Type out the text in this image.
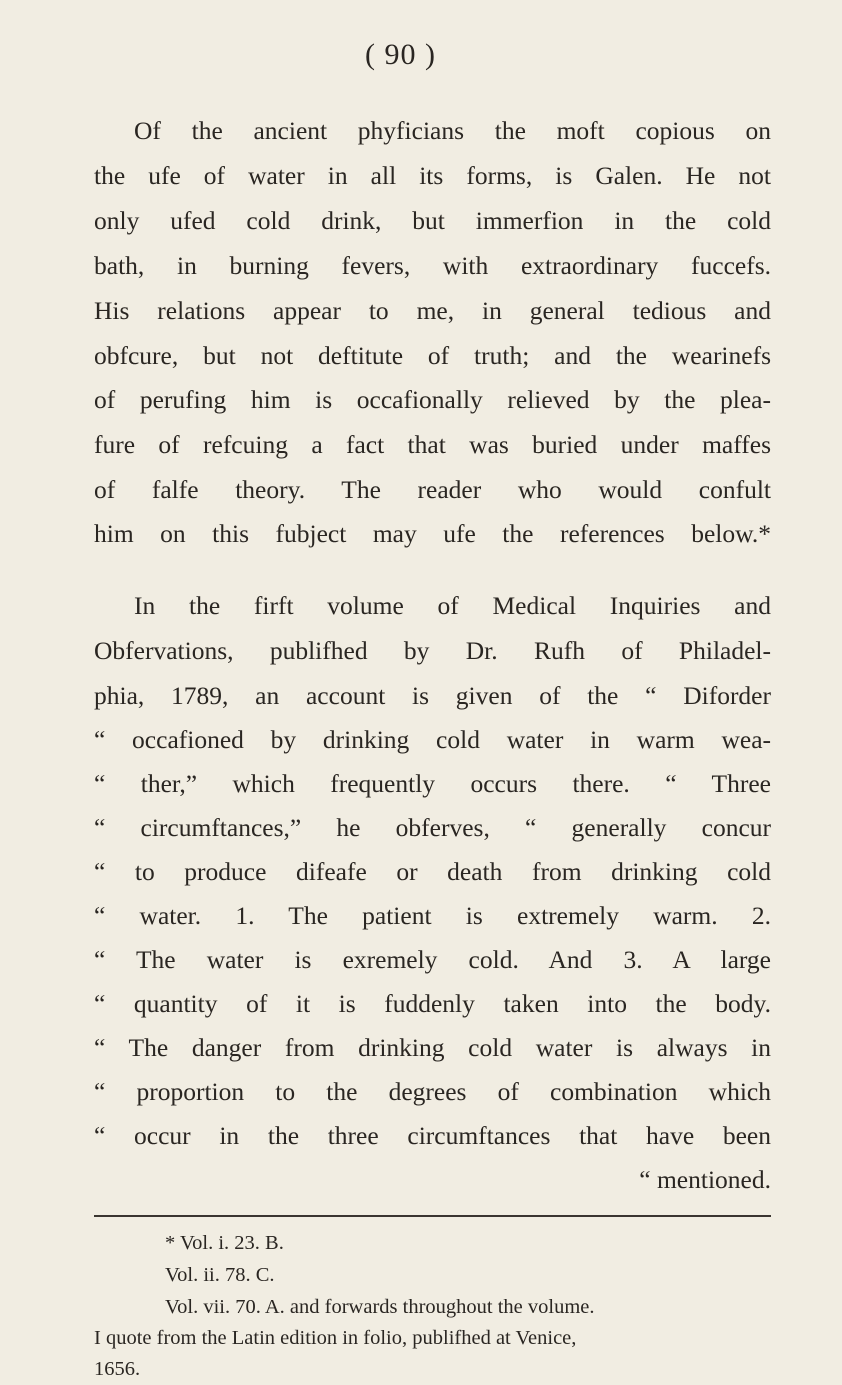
( 90 )
Of the ancient phyficians the moft copious on
the ufe of water in all its forms, is Galen. He not
only ufed cold drink, but immerfion in the cold
bath, in burning fevers, with extraordinary fuccefs.
His relations appear to me, in general tedious and
obfcure, but not deftitute of truth; and the wearinefs
of perufing him is occafionally relieved by the plea-
fure of refcuing a fact that was buried under maffes
of falfe theory. The reader who would confult
him on this fubject may ufe the references below.*
In the firft volume of Medical Inquiries and
Obfervations, publifhed by Dr. Rufh of Philadel-
phia, 1789, an account is given of the “ Diforder
“ occafioned by drinking cold water in warm wea-
“ ther,” which frequently occurs there. “ Three
“ circumftances,” he obferves, “ generally concur
“ to produce difeafe or death from drinking cold
“ water. 1. The patient is extremely warm. 2.
“ The water is exremely cold. And 3. A large
“ quantity of it is fuddenly taken into the body.
“ The danger from drinking cold water is always in
“ proportion to the degrees of combination which
“ occur in the three circumftances that have been
“ mentioned.
* Vol. i. 23. B.
Vol. ii. 78. C.
Vol. vii. 70. A. and forwards throughout the volume.
I quote from the Latin edition in folio, publifhed at Venice,
1656.
